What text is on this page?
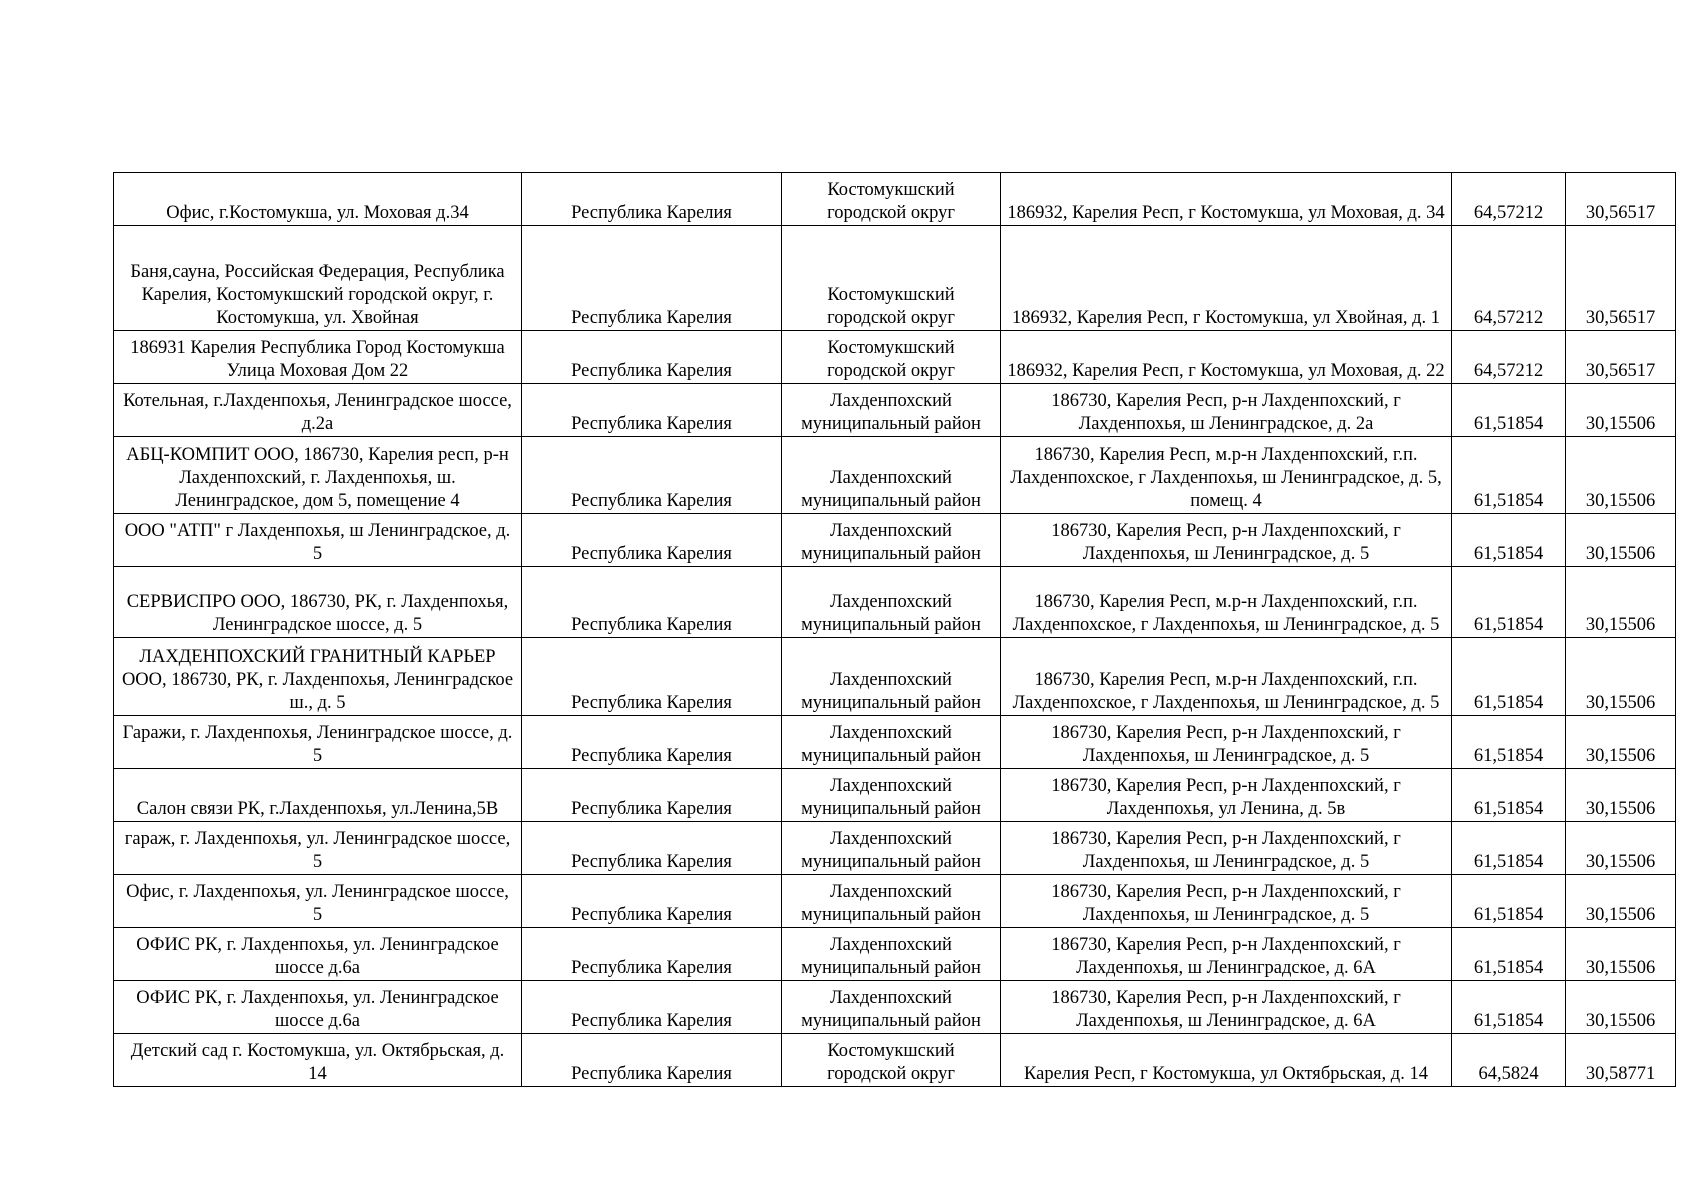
Офис, г.Костомукша, ул. Моховая д.34	Республика Карелия	Костомукшский городской округ	186932, Карелия Респ, г Костомукша, ул Моховая, д. 34	64,57212	30,56517
Баня,сауна, Российская Федерация, Республика Карелия, Костомукшский городской округ, г. Костомукша, ул. Хвойная	Республика Карелия	Костомукшский городской округ	186932, Карелия Респ, г Костомукша, ул Хвойная, д. 1	64,57212	30,56517
186931 Карелия Республика Город Костомукша Улица Моховая Дом 22	Республика Карелия	Костомукшский городской округ	186932, Карелия Респ, г Костомукша, ул Моховая, д. 22	64,57212	30,56517
Котельная, г.Лахденпохья, Ленинградское шоссе, д.2а	Республика Карелия	Лахденпохский муниципальный район	186730, Карелия Респ, р-н Лахденпохский, г Лахденпохья, ш Ленинградское, д. 2а	61,51854	30,15506
АБЦ-КОМПИТ ООО, 186730, Карелия респ, р-н Лахденпохский, г. Лахденпохья, ш. Ленинградское, дом 5, помещение 4	Республика Карелия	Лахденпохский муниципальный район	186730, Карелия Респ, м.р-н Лахденпохский, г.п. Лахденпохское, г Лахденпохья, ш Ленинградское, д. 5, помещ. 4	61,51854	30,15506
ООО "АТП" г Лахденпохья, ш Ленинградское, д. 5	Республика Карелия	Лахденпохский муниципальный район	186730, Карелия Респ, р-н Лахденпохский, г Лахденпохья, ш Ленинградское, д. 5	61,51854	30,15506
СЕРВИСПРО ООО, 186730, РК, г. Лахденпохья, Ленинградское шоссе, д. 5	Республика Карелия	Лахденпохский муниципальный район	186730, Карелия Респ, м.р-н Лахденпохский, г.п. Лахденпохское, г Лахденпохья, ш Ленинградское, д. 5	61,51854	30,15506
ЛАХДЕНПОХСКИЙ ГРАНИТНЫЙ КАРЬЕР ООО, 186730, РК, г. Лахденпохья, Ленинградское ш., д. 5	Республика Карелия	Лахденпохский муниципальный район	186730, Карелия Респ, м.р-н Лахденпохский, г.п. Лахденпохское, г Лахденпохья, ш Ленинградское, д. 5	61,51854	30,15506
Гаражи, г. Лахденпохья, Ленинградское шоссе, д. 5	Республика Карелия	Лахденпохский муниципальный район	186730, Карелия Респ, р-н Лахденпохский, г Лахденпохья, ш Ленинградское, д. 5	61,51854	30,15506
Салон связи РК, г.Лахденпохья, ул.Ленина,5В	Республика Карелия	Лахденпохский муниципальный район	186730, Карелия Респ, р-н Лахденпохский, г Лахденпохья, ул Ленина, д. 5в	61,51854	30,15506
гараж, г. Лахденпохья, ул. Ленинградское шоссе, 5	Республика Карелия	Лахденпохский муниципальный район	186730, Карелия Респ, р-н Лахденпохский, г Лахденпохья, ш Ленинградское, д. 5	61,51854	30,15506
Офис, г. Лахденпохья, ул. Ленинградское шоссе, 5	Республика Карелия	Лахденпохский муниципальный район	186730, Карелия Респ, р-н Лахденпохский, г Лахденпохья, ш Ленинградское, д. 5	61,51854	30,15506
ОФИС РК, г. Лахденпохья, ул. Ленинградское шоссе д.6а	Республика Карелия	Лахденпохский муниципальный район	186730, Карелия Респ, р-н Лахденпохский, г Лахденпохья, ш Ленинградское, д. 6А	61,51854	30,15506
ОФИС РК, г. Лахденпохья, ул. Ленинградское шоссе д.6а	Республика Карелия	Лахденпохский муниципальный район	186730, Карелия Респ, р-н Лахденпохский, г Лахденпохья, ш Ленинградское, д. 6А	61,51854	30,15506
Детский сад г. Костомукша, ул. Октябрьская, д. 14	Республика Карелия	Костомукшский городской округ	Карелия Респ, г Костомукша, ул Октябрьская, д. 14	64,5824	30,58771
